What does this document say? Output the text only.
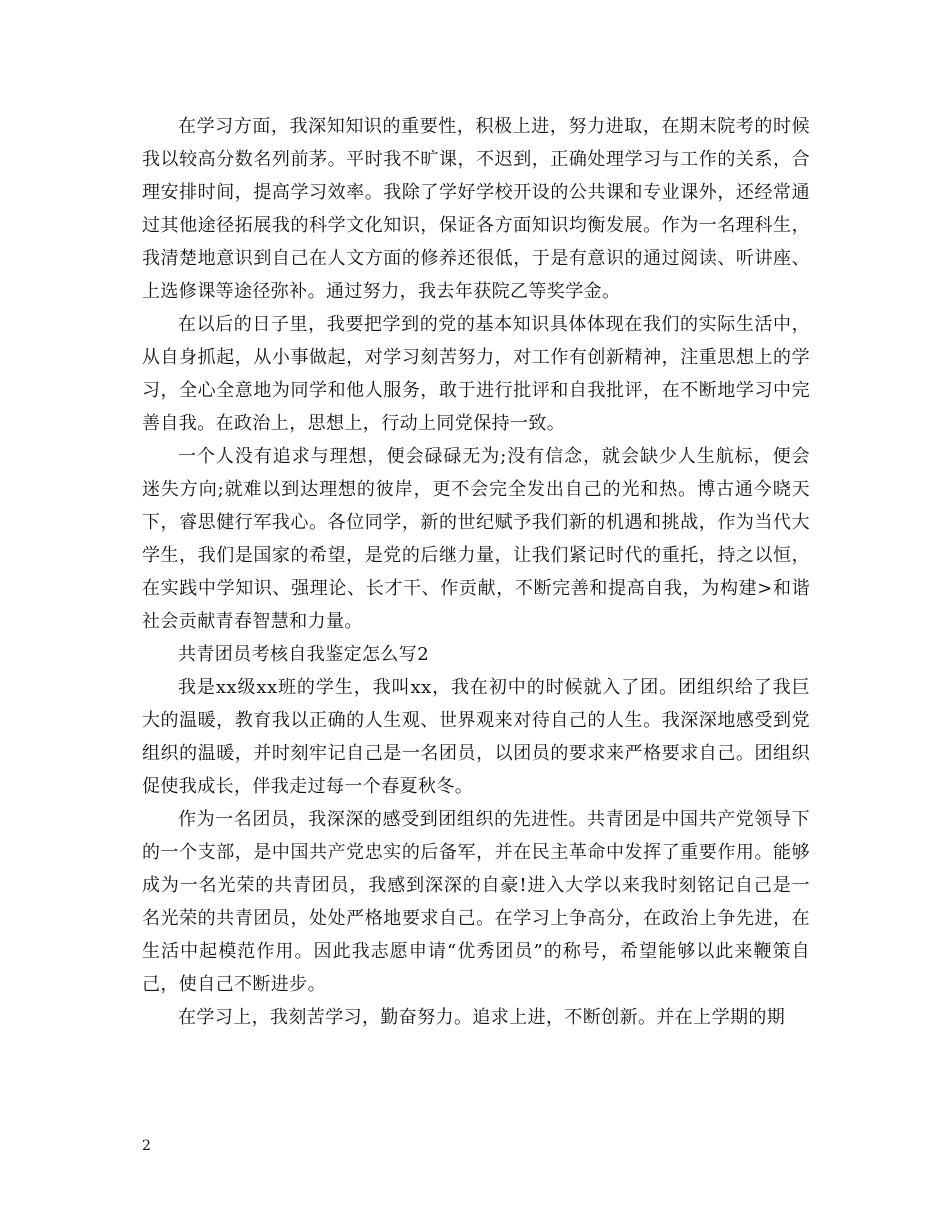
在学习方面，我深知知识的重要性，积极上进，努力进取，在期末院考的时候我以较高分数名列前茅。平时我不旷课，不迟到，正确处理学习与工作的关系，合理安排时间，提高学习效率。我除了学好学校开设的公共课和专业课外，还经常通过其他途径拓展我的科学文化知识，保证各方面知识均衡发展。作为一名理科生，我清楚地意识到自己在人文方面的修养还很低，于是有意识的通过阅读、听讲座、上选修课等途径弥补。通过努力，我去年获院乙等奖学金。

在以后的日子里，我要把学到的党的基本知识具体体现在我们的实际生活中，从自身抓起，从小事做起，对学习刻苦努力，对工作有创新精神，注重思想上的学习，全心全意地为同学和他人服务，敢于进行批评和自我批评，在不断地学习中完善自我。在政治上，思想上，行动上同党保持一致。

一个人没有追求与理想，便会碌碌无为;没有信念，就会缺少人生航标，便会迷失方向;就难以到达理想的彼岸，更不会完全发出自己的光和热。博古通今晓天下，睿思健行军我心。各位同学，新的世纪赋予我们新的机遇和挑战，作为当代大学生，我们是国家的希望，是党的后继力量，让我们紧记时代的重托，持之以恒，在实践中学知识、强理论、长才干、作贡献，不断完善和提高自我，为构建>和谐社会贡献青春智慧和力量。

共青团员考核自我鉴定怎么写2

我是xx级xx班的学生，我叫xx，我在初中的时候就入了团。团组织给了我巨大的温暖，教育我以正确的人生观、世界观来对待自己的人生。我深深地感受到党组织的温暖，并时刻牢记自己是一名团员，以团员的要求来严格要求自己。团组织促使我成长，伴我走过每一个春夏秋冬。

作为一名团员，我深深的感受到团组织的先进性。共青团是中国共产党领导下的一个支部，是中国共产党忠实的后备军，并在民主革命中发挥了重要作用。能够成为一名光荣的共青团员，我感到深深的自豪!进入大学以来我时刻铭记自己是一名光荣的共青团员，处处严格地要求自己。在学习上争高分，在政治上争先进，在生活中起模范作用。因此我志愿申请“优秀团员”的称号，希望能够以此来鞭策自己，使自己不断进步。

在学习上，我刻苦学习，勤奋努力。追求上进，不断创新。并在上学期的期

2
